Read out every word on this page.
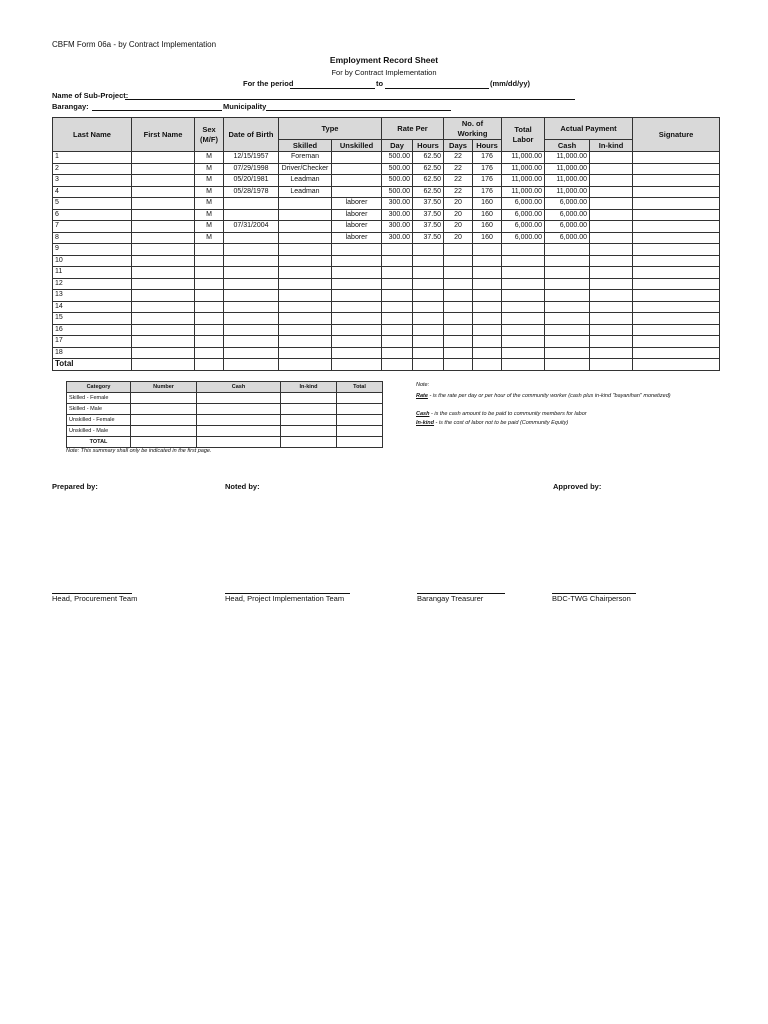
CBFM Form 06a - by Contract Implementation
Employment Record Sheet
For by Contract Implementation
For the period	to	(mm/dd/yy)
Name of Sub-Project:
Barangay:	Municipality
Last Name	First Name	Sex (M/F)	Date of Birth	Type		Rate Per		No. of Working		Total Labor	Actual Payment		Signature
				Skilled	Unskilled	Day	Hours	Days	Hours		Cash	In-kind	
1		M	12/15/1957	Foreman		500.00	62.50	22	176	11,000.00	11,000.00		
2		M	07/29/1998	Driver/Checker		500.00	62.50	22	176	11,000.00	11,000.00		
3		M	05/20/1981	Leadman		500.00	62.50	22	176	11,000.00	11,000.00		
4		M	05/28/1978	Leadman		500.00	62.50	22	176	11,000.00	11,000.00		
5		M			laborer	300.00	37.50	20	160	6,000.00	6,000.00		
6		M			laborer	300.00	37.50	20	160	6,000.00	6,000.00		
7		M	07/31/2004		laborer	300.00	37.50	20	160	6,000.00	6,000.00		
8		M			laborer	300.00	37.50	20	160	6,000.00	6,000.00		
9													
10													
11													
12													
13													
14													
15													
16													
17													
18													
Total													
Category	Number	Cash	In-kind	Total
Skilled - Female				
Skilled - Male				
Unskilled - Female				
Unskilled - Male				
TOTAL				
Note: This summary shall only be indicated in the first page.
Note:
Rate - is the rate per day or per hour of the community worker (cash plus in-kind "bayanihan" monetized)
Cash - is the cash amount to be paid to community members for labor
In-kind - is the cost of labor not to be paid (Community Equity)
Prepared by:	Noted by:	Approved by:
Head, Procurement Team	Head, Project Implementation Team	Barangay Treasurer	BDC-TWG Chairperson
